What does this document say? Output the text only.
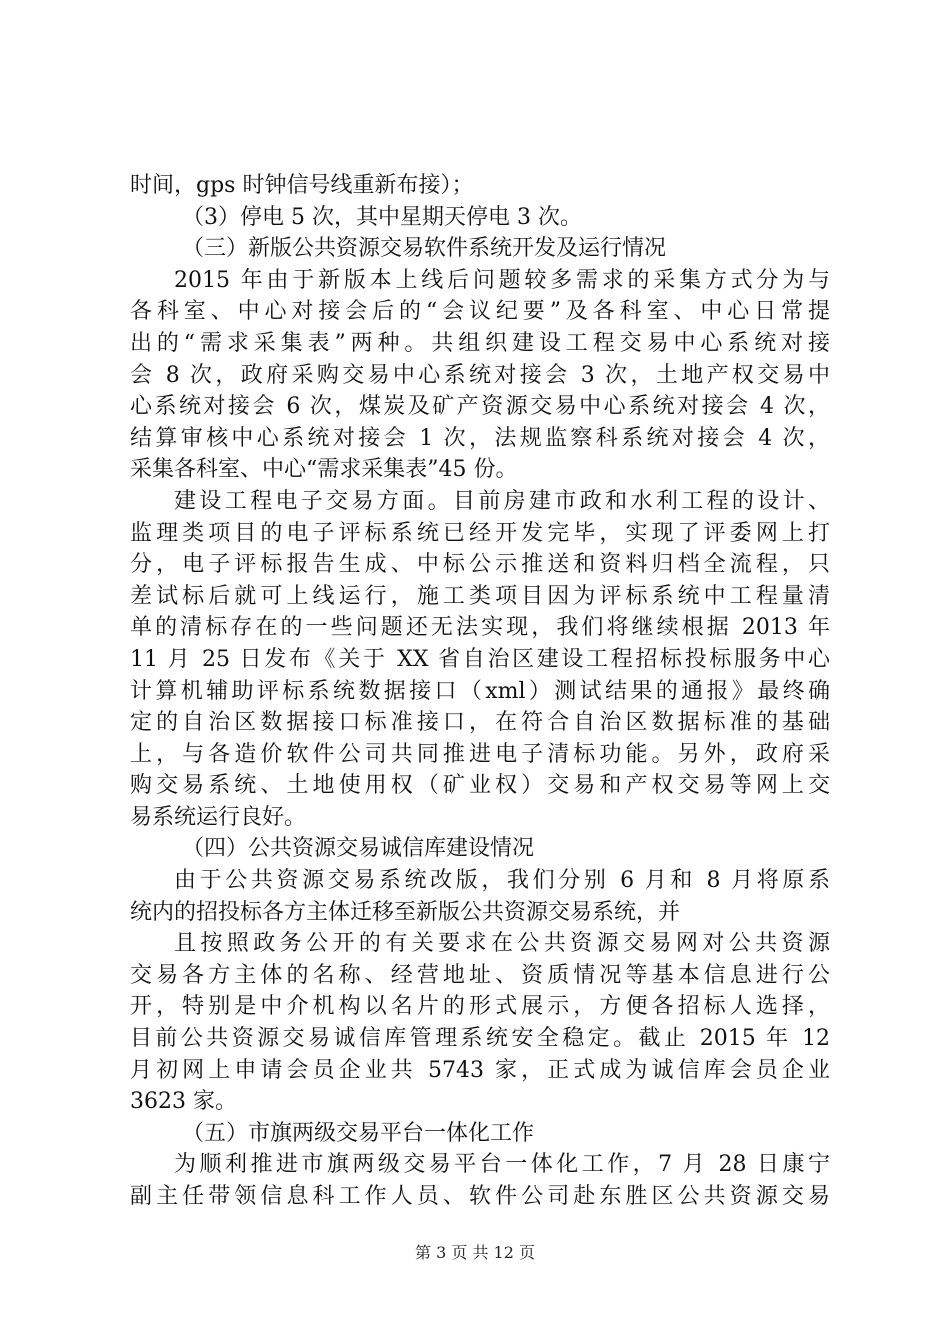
时间，gps 时钟信号线重新布接）；
（3）停电 5 次，其中星期天停电 3 次。
（三）新版公共资源交易软件系统开发及运行情况
2015 年由于新版本上线后问题较多需求的采集方式分为与
各科室、中心对接会后的“会议纪要”及各科室、中心日常提
出的“需求采集表”两种。共组织建设工程交易中心系统对接
会 8 次，政府采购交易中心系统对接会 3 次，土地产权交易中
心系统对接会 6 次，煤炭及矿产资源交易中心系统对接会 4 次，
结算审核中心系统对接会 1 次，法规监察科系统对接会 4 次，
采集各科室、中心“需求采集表”45 份。
建设工程电子交易方面。目前房建市政和水利工程的设计、
监理类项目的电子评标系统已经开发完毕，实现了评委网上打
分，电子评标报告生成、中标公示推送和资料归档全流程，只
差试标后就可上线运行，施工类项目因为评标系统中工程量清
单的清标存在的一些问题还无法实现，我们将继续根据 2013 年
11 月 25 日发布《关于 XX 省自治区建设工程招标投标服务中心
计算机辅助评标系统数据接口（xml）测试结果的通报》最终确
定的自治区数据接口标准接口，在符合自治区数据标准的基础
上，与各造价软件公司共同推进电子清标功能。另外，政府采
购交易系统、土地使用权（矿业权）交易和产权交易等网上交
易系统运行良好。
（四）公共资源交易诚信库建设情况
由于公共资源交易系统改版，我们分别 6 月和 8 月将原系
统内的招投标各方主体迁移至新版公共资源交易系统，并
且按照政务公开的有关要求在公共资源交易网对公共资源
交易各方主体的名称、经营地址、资质情况等基本信息进行公
开，特别是中介机构以名片的形式展示，方便各招标人选择，
目前公共资源交易诚信库管理系统安全稳定。截止 2015 年 12
月初网上申请会员企业共 5743 家，正式成为诚信库会员企业
3623 家。
（五）市旗两级交易平台一体化工作
为顺利推进市旗两级交易平台一体化工作，7 月 28 日康宁
副主任带领信息科工作人员、软件公司赴东胜区公共资源交易
第 3 页 共 12 页
